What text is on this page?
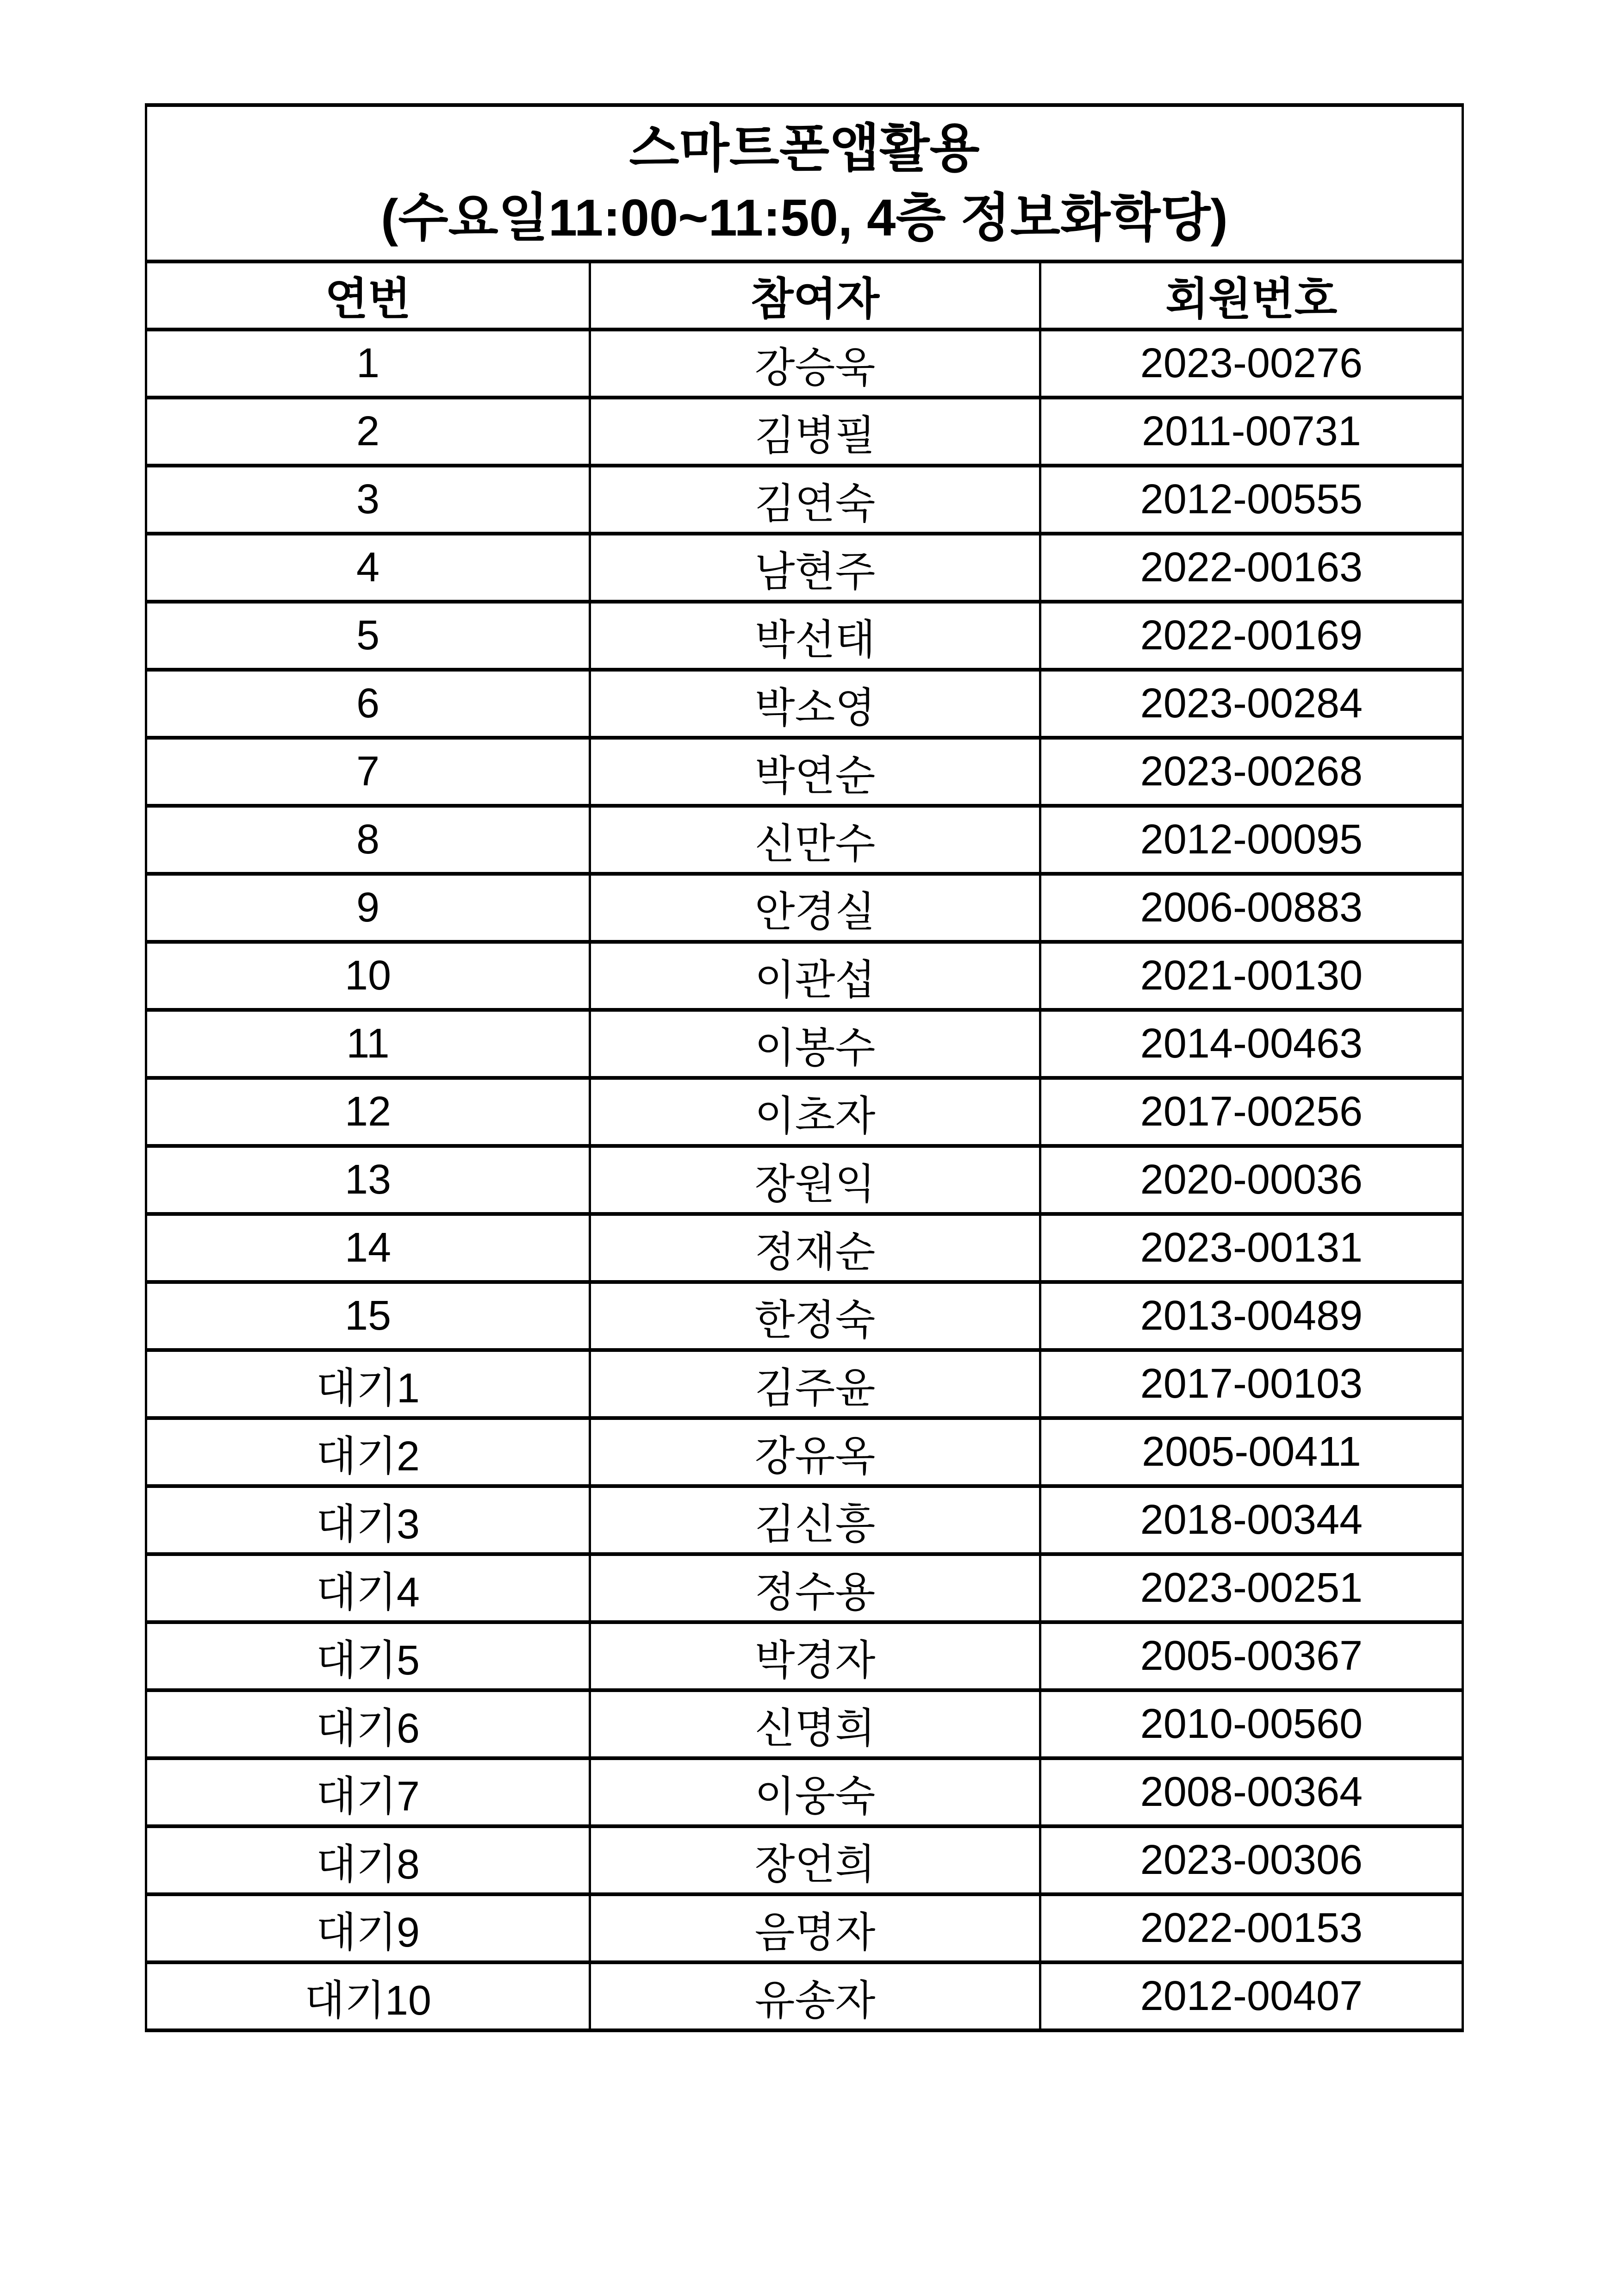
스마트폰앱활용
(수요일11:00~11:50, 4층 정보화학당)		

연번	참여자	회원번호
1	강승욱	2023-00276
2	김병필	2011-00731
3	김연숙	2012-00555
4	남현주	2022-00163
5	박선태	2022-00169
6	박소영	2023-00284
7	박연순	2023-00268
8	신만수	2012-00095
9	안경실	2006-00883
10	이관섭	2021-00130
11	이봉수	2014-00463
12	이초자	2017-00256
13	장원익	2020-00036
14	정재순	2023-00131
15	한정숙	2013-00489
대기1	김주윤	2017-00103
대기2	강유옥	2005-00411
대기3	김신흥	2018-00344
대기4	정수용	2023-00251
대기5	박경자	2005-00367
대기6	신명희	2010-00560
대기7	이웅숙	2008-00364
대기8	장언희	2023-00306
대기9	음명자	2022-00153
대기10	유송자	2012-00407
